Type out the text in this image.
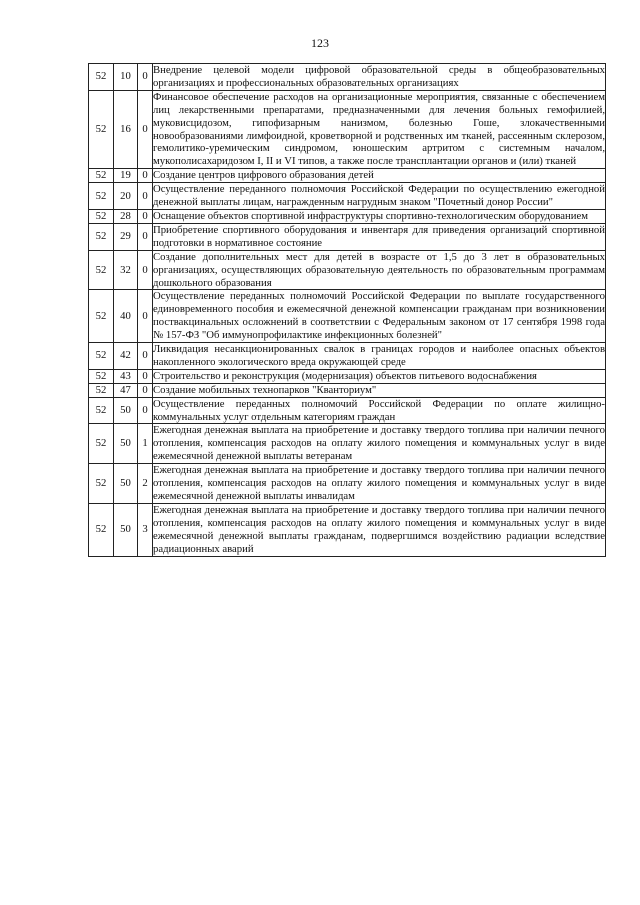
123
52	10	0	Внедрение целевой модели цифровой образовательной среды в общеобразовательных организациях и профессиональных образовательных организациях
52	16	0	Финансовое обеспечение расходов на организационные мероприятия, связанные с обеспечением лиц лекарственными препаратами, предназначенными для лечения больных гемофилией, муковисцидозом, гипофизарным нанизмом, болезнью Гоше, злокачественными новообразованиями лимфоидной, кроветворной и родственных им тканей, рассеянным склерозом, гемолитико-уремическим синдромом, юношеским артритом с системным началом, мукополисахаридозом I, II и VI типов, а также после трансплантации органов и (или) тканей
52	19	0	Создание центров цифрового образования детей
52	20	0	Осуществление переданного полномочия Российской Федерации по осуществлению ежегодной денежной выплаты лицам, награжденным нагрудным знаком "Почетный донор России"
52	28	0	Оснащение объектов спортивной инфраструктуры спортивно-технологическим оборудованием
52	29	0	Приобретение спортивного оборудования и инвентаря для приведения организаций спортивной подготовки в нормативное состояние
52	32	0	Создание дополнительных мест для детей в возрасте от 1,5 до 3 лет в образовательных организациях, осуществляющих образовательную деятельность по образовательным программам дошкольного образования
52	40	0	Осуществление переданных полномочий Российской Федерации по выплате государственного единовременного пособия и ежемесячной денежной компенсации гражданам при возникновении поствакцинальных осложнений в соответствии с Федеральным законом от 17 сентября 1998 года № 157-ФЗ "Об иммунопрофилактике инфекционных болезней"
52	42	0	Ликвидация несанкционированных свалок в границах городов и наиболее опасных объектов накопленного экологического вреда окружающей среде
52	43	0	Строительство и реконструкция (модернизация) объектов питьевого водоснабжения
52	47	0	Создание мобильных технопарков "Кванториум"
52	50	0	Осуществление переданных полномочий Российской Федерации по оплате жилищно-коммунальных услуг отдельным категориям граждан
52	50	1	Ежегодная денежная выплата на приобретение и доставку твердого топлива при наличии печного отопления, компенсация расходов на оплату жилого помещения и коммунальных услуг в виде ежемесячной денежной выплаты ветеранам
52	50	2	Ежегодная денежная выплата на приобретение и доставку твердого топлива при наличии печного отопления, компенсация расходов на оплату жилого помещения и коммунальных услуг в виде ежемесячной денежной выплаты инвалидам
52	50	3	Ежегодная денежная выплата на приобретение и доставку твердого топлива при наличии печного отопления, компенсация расходов на оплату жилого помещения и коммунальных услуг в виде ежемесячной денежной выплаты гражданам, подвергшимся воздействию радиации вследствие радиационных аварий
